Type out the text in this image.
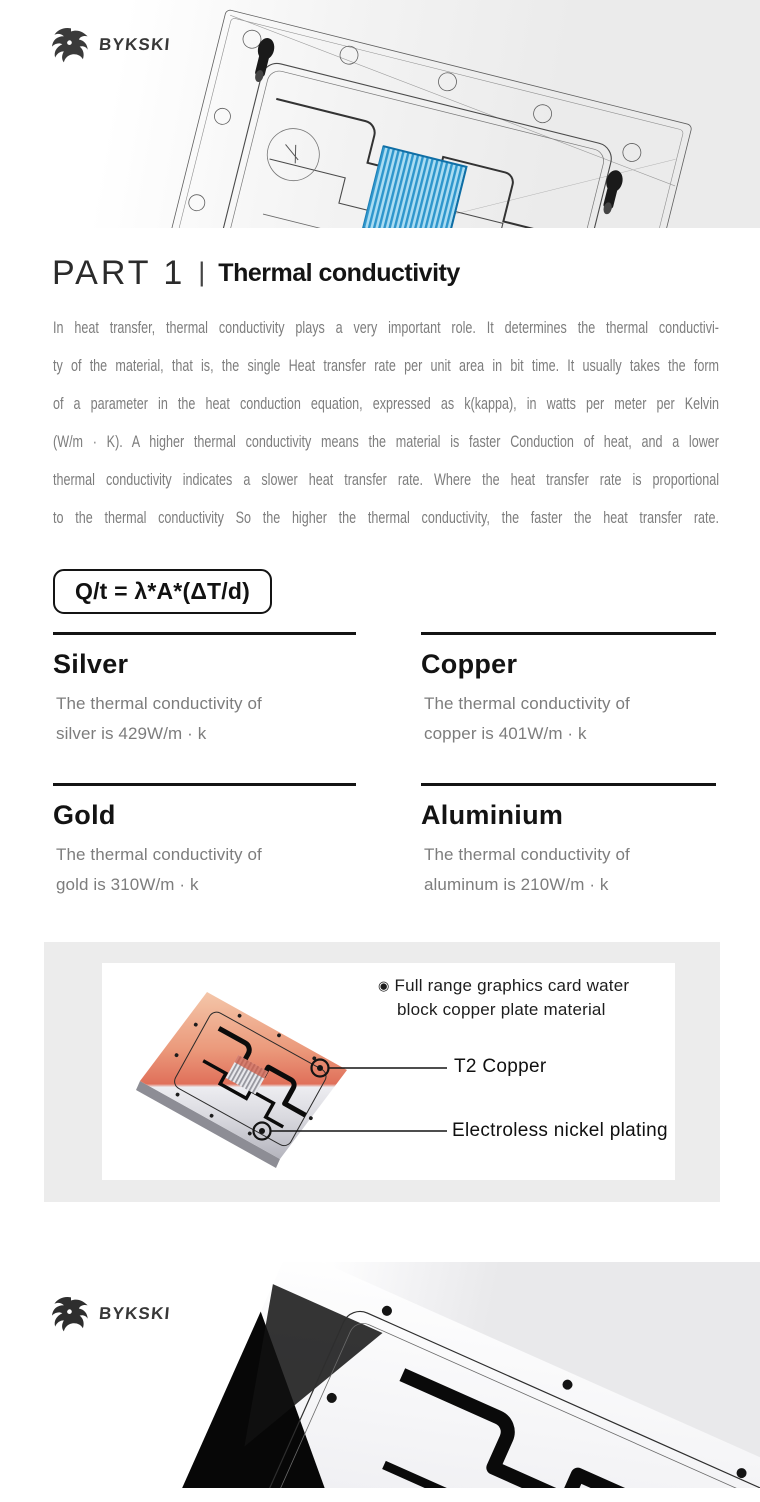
BYKSKI
PART 1 | Thermal conductivity
In heat transfer, thermal conductivity plays a very important role. It determines the thermal conductivi-
ty of the material, that is, the single Heat transfer rate per unit area in bit time. It usually takes the form
of a parameter in the heat conduction equation, expressed as k(kappa), in watts per meter per Kelvin
(W/m · K). A higher thermal conductivity means the material is faster Conduction of heat, and a lower
thermal conductivity indicates a slower heat transfer rate. Where the heat transfer rate is proportional
to the thermal conductivity So the higher the thermal conductivity, the faster the heat transfer rate.
Q/t = λ*A*(ΔT/d)
Silver
The thermal conductivity of
silver is 429W/m · k
Copper
The thermal conductivity of
copper is 401W/m · k
Gold
The thermal conductivity of
gold is 310W/m · k
Aluminium
The thermal conductivity of
aluminum is 210W/m · k
◉ Full range graphics card water
block copper plate material
T2 Copper
Electroless nickel plating
BYKSKI
